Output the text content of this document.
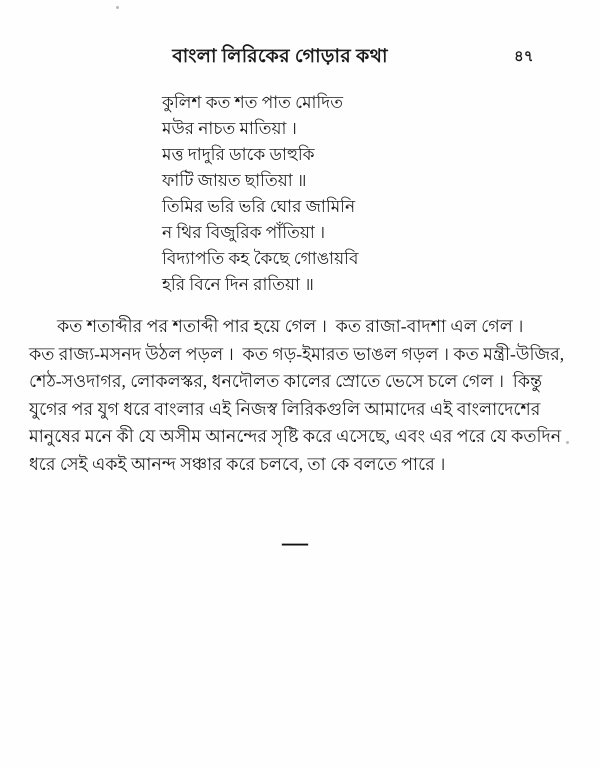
বাংলা লিরিকের গোড়ার কথা	৪৭
কুলিশ কত শত পাত মোদিত
মউর নাচত মাতিয়া ।
মত্ত দাদুরি ডাকে ডাহুকি
ফাটি জায়ত ছাতিয়া ॥
তিমির ভরি ভরি ঘোর জামিনি
ন থির বিজুরিক পাঁতিয়া ।
বিদ্যাপতি কহ কৈছে গোঙায়বি
হরি বিনে দিন রাতিয়া ॥
কত শতাব্দীর পর শতাব্দী পার হয়ে গেল ।  কত রাজা-বাদশা এল গেল ।
কত রাজ্য-মসনদ উঠল পড়ল ।  কত গড়-ইমারত ভাঙল গড়ল । কত মন্ত্রী-উজির,
শেঠ-সওদাগর, লোকলস্কর, ধনদৌলত কালের স্রোতে ভেসে চলে গেল ।  কিন্তু
যুগের পর যুগ ধরে বাংলার এই নিজস্ব লিরিকগুলি আমাদের এই বাংলাদেশের
মানুষের মনে কী যে অসীম আনন্দের সৃষ্টি করে এসেছে, এবং এর পরে যে কতদিন
ধরে সেই একই আনন্দ সঞ্চার করে চলবে, তা কে বলতে পারে ।
—
